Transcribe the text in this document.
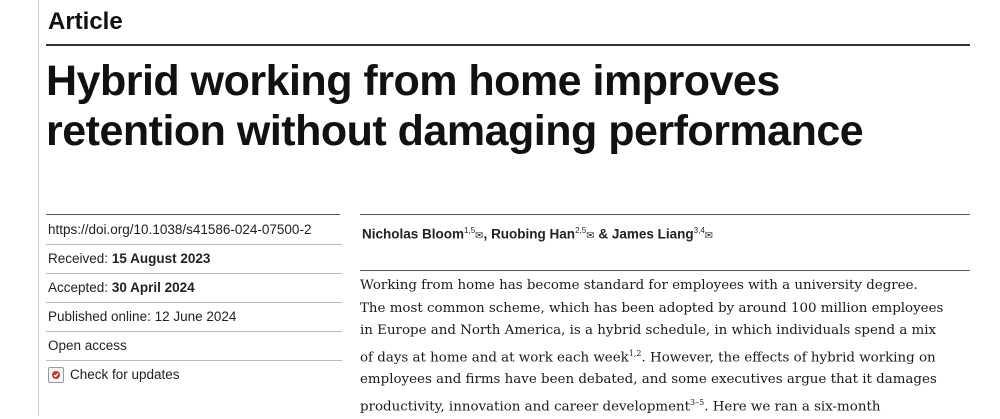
Article
Hybrid working from home improves
retention without damaging performance
https://doi.org/10.1038/s41586-024-07500-2
Received: 15 August 2023
Accepted: 30 April 2024
Published online: 12 June 2024
Open access
Check for updates
Nicholas Bloom$^{1,5}$✉, Ruobing Han$^{2,5}$✉ & James Liang$^{3,4}$✉
Working from home has become standard for employees with a university degree.
The most common scheme, which has been adopted by around 100 million employees
in Europe and North America, is a hybrid schedule, in which individuals spend a mix
of days at home and at work each week$^{1,2}$. However, the effects of hybrid working on
employees and firms have been debated, and some executives argue that it damages
productivity, innovation and career development$^{3-5}$. Here we ran a six-month
